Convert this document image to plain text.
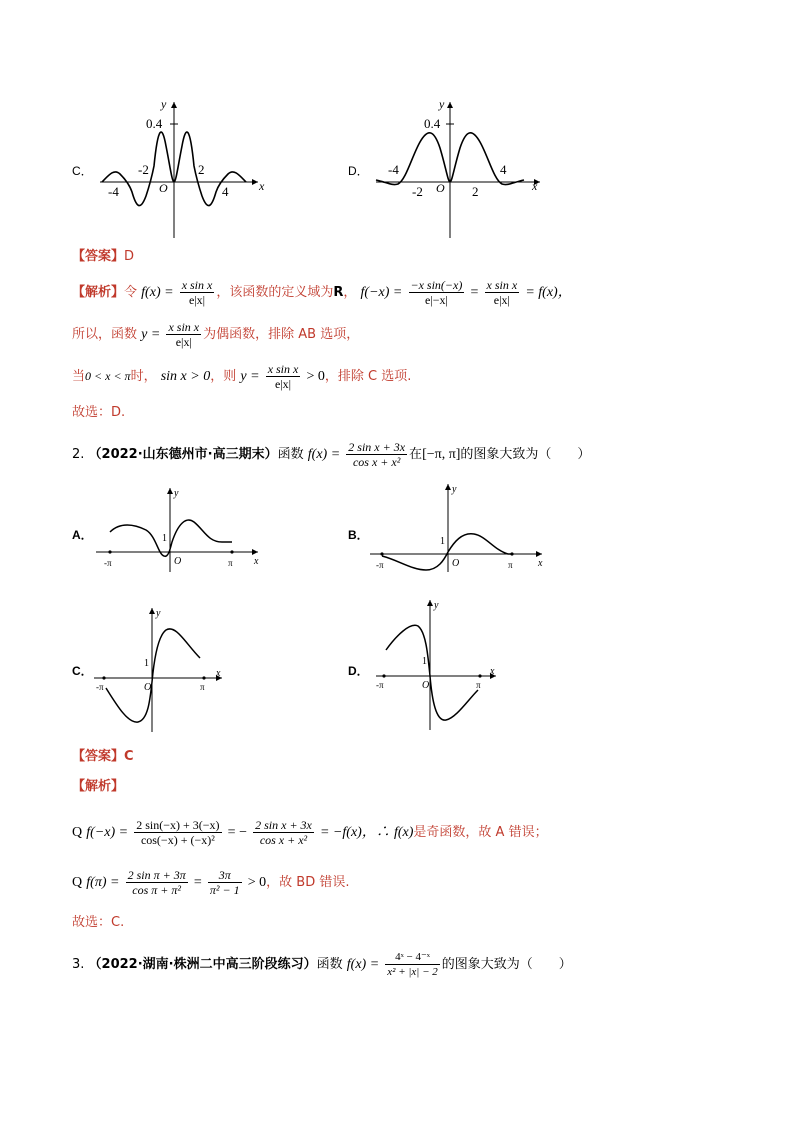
C．
y
x
0.4
O
-4
-2	2
4
D．
y
x
0.4
O
-4
-2	2
4
【答案】D
【解析】令 $f(x) = \frac{\text{x sin x}}{e|x|}$ ，该函数的定义域为R， $f(-x) = \frac{\text{−x sin(−x)}}{e|-x|} = \frac{\text{x sin x}}{e|x|} = f(x)$，
所以，函数 $y = \frac{\text{x sin x}}{e|x|}$ 为偶函数，排除 AB 选项，
当0 < x < π时， sin x > 0，则 $y = \frac{\text{x sin x}}{e|x|} > 0$，排除 C 选项.
故选：D.
2. （2022·山东德州市·高三期末）函数 $f(x) = \frac{\text{2 sin x + 3x}}{\text{cos x + x²}}$ 在[−π, π]的图象大致为（　　）
A．
y
x
O
1
-π	π
B．
y
x
O
1
-π	π
C．
y
x
O
1
-π	π
D．
y
x
O
1
-π	π
【答案】C
【解析】
Q $f(-x) = \frac{2 \sin(-x) + 3(-x)}{\text{cos(−x) + (−x)²}}$ = − $\frac{\text{2 sin x + 3x}}{\text{cos x + x²}} = -f(x)$，∴ f(x)是奇函数，故 A 错误；
Q $f(\pi) = \frac{\text{2 sin π + 3π}}{\text{cos π + π²}} = \frac{3\pi}{\text{π² − 1}} > 0$，故 BD 错误.
故选：C.
3. （2022·湖南·株洲二中高三阶段练习）函数 $f(x) = \frac{\text{4ˣ − 4⁻ˣ}}{\text{x² + |x| − 2}}$ 的图象大致为（　　）
